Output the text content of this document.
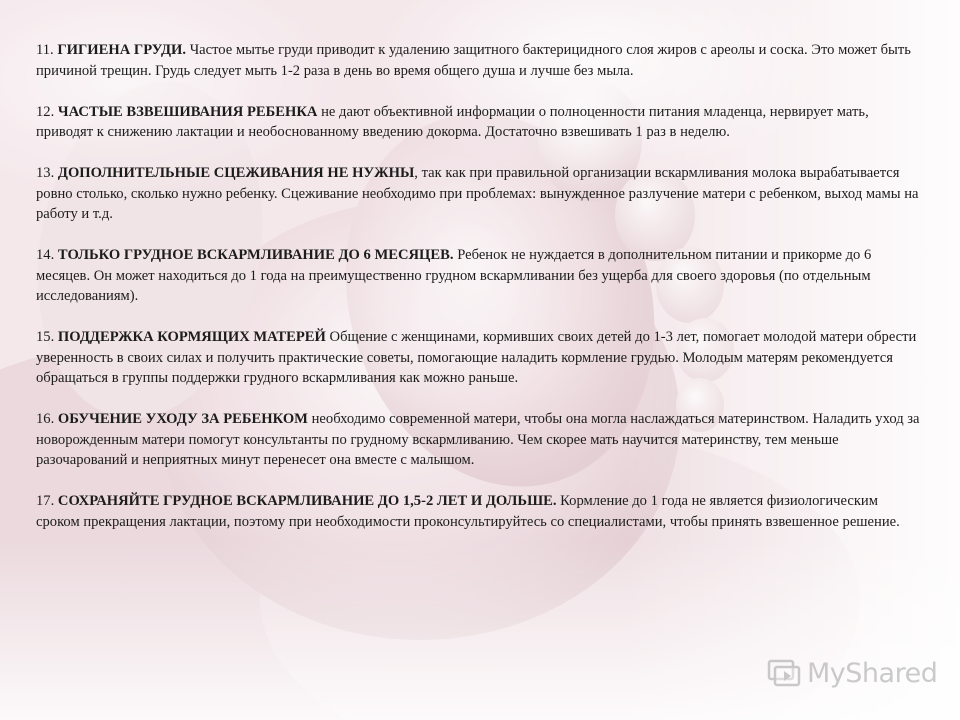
11. ГИГИЕНА ГРУДИ. Частое мытье груди приводит к удалению защитного бактерицидного слоя жиров с ареолы и соска. Это может быть причиной трещин. Грудь следует мыть 1-2 раза в день во время общего душа и лучше без мыла.

12. ЧАСТЫЕ ВЗВЕШИВАНИЯ РЕБЕНКА не дают объективной информации о полноценности питания младенца, нервирует мать, приводят к снижению лактации и необоснованному введению докорма. Достаточно взвешивать 1 раз в неделю.

13. ДОПОЛНИТЕЛЬНЫЕ СЦЕЖИВАНИЯ НЕ НУЖНЫ, так как при правильной организации вскармливания молока вырабатывается ровно столько, сколько нужно ребенку. Сцеживание необходимо при проблемах: вынужденное разлучение матери с ребенком, выход мамы на работу и т.д.

14. ТОЛЬКО ГРУДНОЕ ВСКАРМЛИВАНИЕ ДО 6 МЕСЯЦЕВ. Ребенок не нуждается в дополнительном питании и прикорме до 6 месяцев. Он может находиться до 1 года на преимущественно грудном вскармливании без ущерба для своего здоровья (по отдельным исследованиям).

15. ПОДДЕРЖКА КОРМЯЩИХ МАТЕРЕЙ Общение с женщинами, кормивших своих детей до 1-3 лет, помогает молодой матери обрести уверенность в своих силах и получить практические советы, помогающие наладить кормление грудью. Молодым матерям рекомендуется обращаться в группы поддержки грудного вскармливания как можно раньше.

16. ОБУЧЕНИЕ УХОДУ ЗА РЕБЕНКОМ необходимо современной матери, чтобы она могла наслаждаться материнством. Наладить уход за новорожденным матери помогут консультанты по грудному вскармливанию. Чем скорее мать научится материнству, тем меньше разочарований и неприятных минут перенесет она вместе с малышом.

17. СОХРАНЯЙТЕ ГРУДНОЕ ВСКАРМЛИВАНИЕ ДО 1,5-2 ЛЕТ И ДОЛЬШЕ. Кормление до 1 года не является физиологическим сроком прекращения лактации, поэтому при необходимости проконсультируйтесь со специалистами, чтобы принять взвешенное решение.

MyShared
